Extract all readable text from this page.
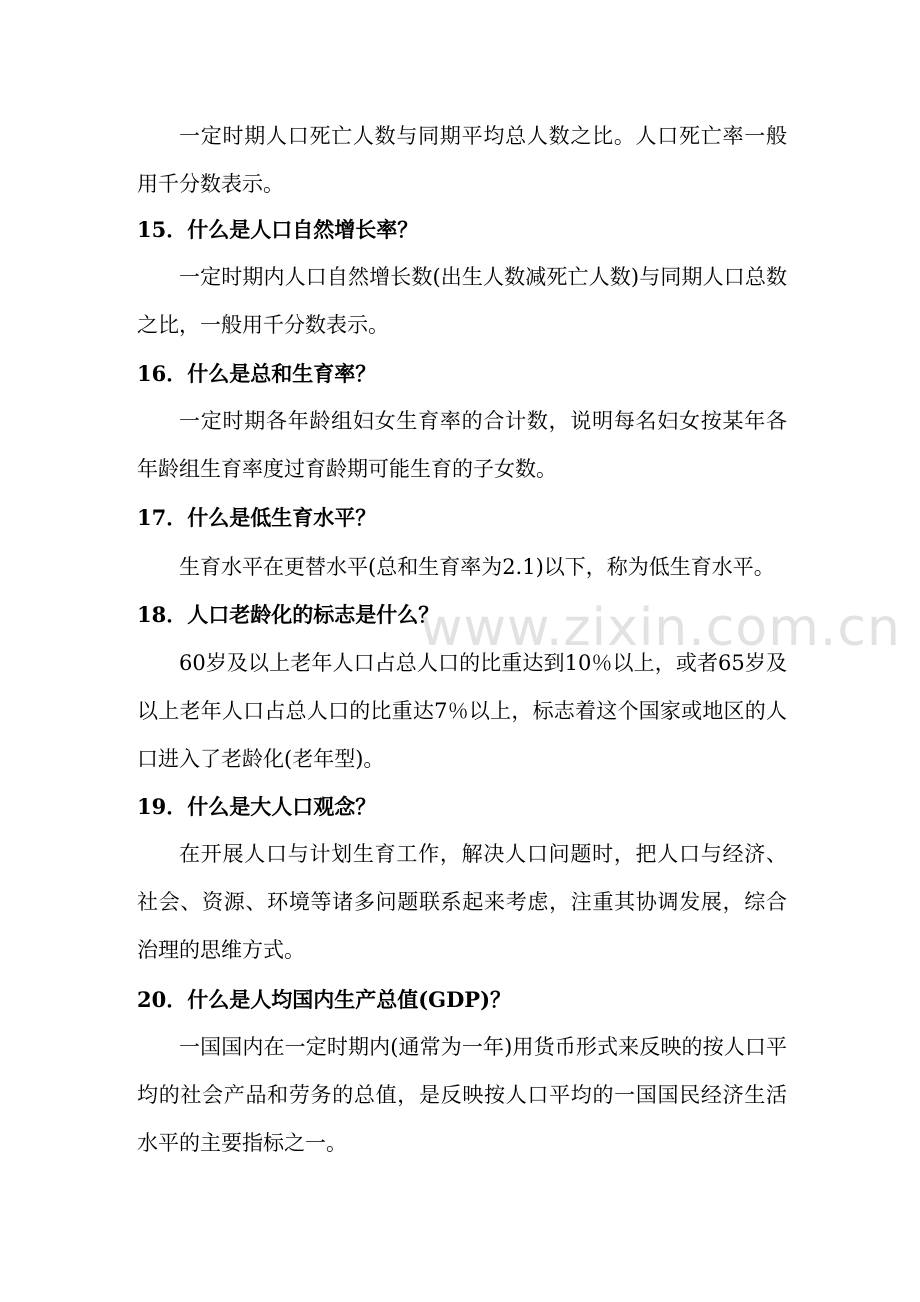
一定时期人口死亡人数与同期平均总人数之比。人口死亡率一般用千分数表示。

15．什么是人口自然增长率？

一定时期内人口自然增长数(出生人数减死亡人数)与同期人口总数之比，一般用千分数表示。

16．什么是总和生育率？

一定时期各年龄组妇女生育率的合计数，说明每名妇女按某年各年龄组生育率度过育龄期可能生育的子女数。

17．什么是低生育水平？

生育水平在更替水平(总和生育率为2.1)以下，称为低生育水平。

18．人口老龄化的标志是什么？

60岁及以上老年人口占总人口的比重达到10％以上，或者65岁及以上老年人口占总人口的比重达7％以上，标志着这个国家或地区的人口进入了老龄化(老年型)。

19．什么是大人口观念？

在开展人口与计划生育工作，解决人口问题时，把人口与经济、社会、资源、环境等诸多问题联系起来考虑，注重其协调发展，综合治理的思维方式。

20．什么是人均国内生产总值(GDP)？

一国国内在一定时期内(通常为一年)用货币形式来反映的按人口平均的社会产品和劳务的总值，是反映按人口平均的一国国民经济生活水平的主要指标之一。

www.zixin.com.cn
